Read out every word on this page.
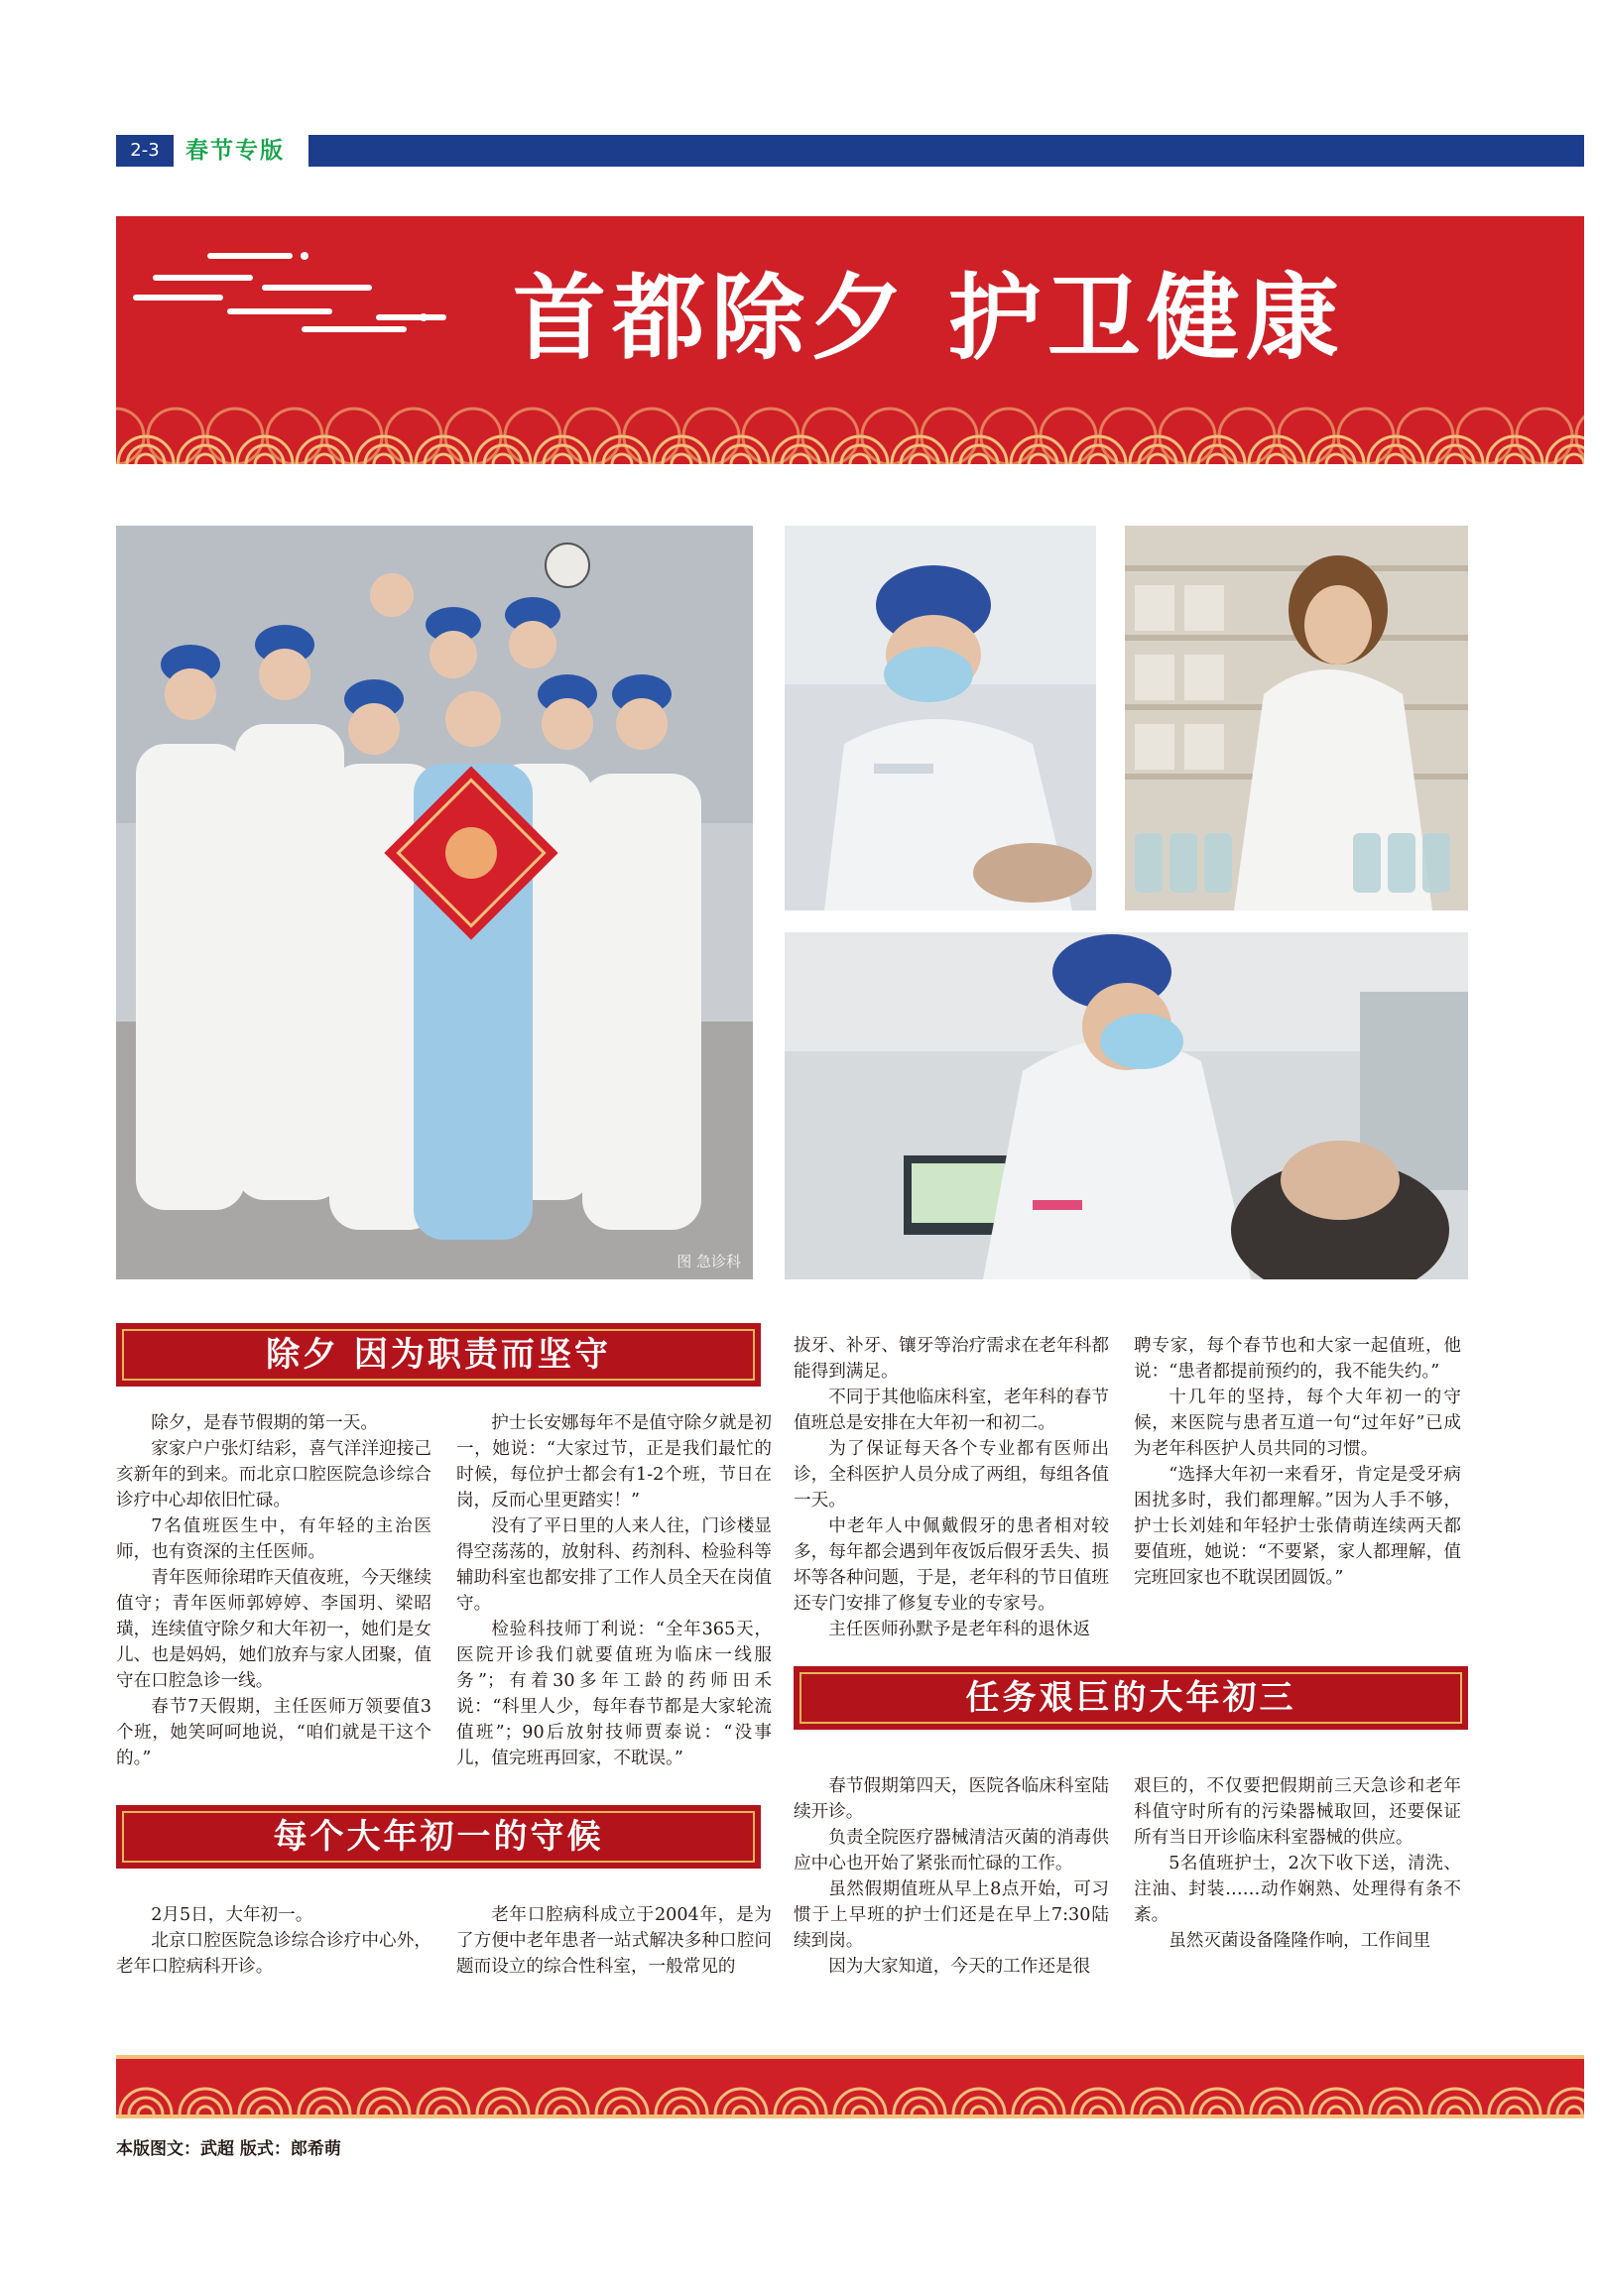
2-3	春节专版
首都除夕 护卫健康
图 急诊科
除夕 因为职责而坚守

除夕，是春节假期的第一天。

家家户户张灯结彩，喜气洋洋迎接己亥新年的到来。而北京口腔医院急诊综合诊疗中心却依旧忙碌。

7名值班医生中，有年轻的主治医师，也有资深的主任医师。

青年医师徐珺昨天值夜班，今天继续值守；青年医师郭婷婷、李国玥、梁昭璜，连续值守除夕和大年初一，她们是女儿、也是妈妈，她们放弃与家人团聚，值守在口腔急诊一线。

春节7天假期，主任医师万领要值3个班，她笑呵呵地说，“咱们就是干这个的。”

护士长安娜每年不是值守除夕就是初一，她说：“大家过节，正是我们最忙的时候，每位护士都会有1-2个班，节日在岗，反而心里更踏实！”

没有了平日里的人来人往，门诊楼显得空荡荡的，放射科、药剂科、检验科等辅助科室也都安排了工作人员全天在岗值守。

检验科技师丁利说：“全年365天，医院开诊我们就要值班为临床一线服务”；有着30多年工龄的药师田禾说：“科里人少，每年春节都是大家轮流值班”；90后放射技师贾泰说：“没事儿，值完班再回家，不耽误。”

每个大年初一的守候

2月5日，大年初一。

北京口腔医院急诊综合诊疗中心外，老年口腔病科开诊。

老年口腔病科成立于2004年，是为了方便中老年患者一站式解决多种口腔问题而设立的综合性科室，一般常见的

拔牙、补牙、镶牙等治疗需求在老年科都能得到满足。

不同于其他临床科室，老年科的春节值班总是安排在大年初一和初二。

为了保证每天各个专业都有医师出诊，全科医护人员分成了两组，每组各值一天。

中老年人中佩戴假牙的患者相对较多，每年都会遇到年夜饭后假牙丢失、损坏等各种问题，于是，老年科的节日值班还专门安排了修复专业的专家号。

主任医师孙默予是老年科的退休返

聘专家，每个春节也和大家一起值班，他说：“患者都提前预约的，我不能失约。”

十几年的坚持，每个大年初一的守候，来医院与患者互道一句“过年好”已成为老年科医护人员共同的习惯。

“选择大年初一来看牙，肯定是受牙病困扰多时，我们都理解。”因为人手不够，护士长刘娃和年轻护士张倩萌连续两天都要值班，她说：“不要紧，家人都理解，值完班回家也不耽误团圆饭。”

任务艰巨的大年初三

春节假期第四天，医院各临床科室陆续开诊。

负责全院医疗器械清洁灭菌的消毒供应中心也开始了紧张而忙碌的工作。

虽然假期值班从早上8点开始，可习惯于上早班的护士们还是在早上7:30陆续到岗。

因为大家知道，今天的工作还是很

艰巨的，不仅要把假期前三天急诊和老年科值守时所有的污染器械取回，还要保证所有当日开诊临床科室器械的供应。

5名值班护士，2次下收下送，清洗、注油、封装……动作娴熟、处理得有条不紊。

虽然灭菌设备隆隆作响，工作间里

本版图文：武超 版式：郎希萌
